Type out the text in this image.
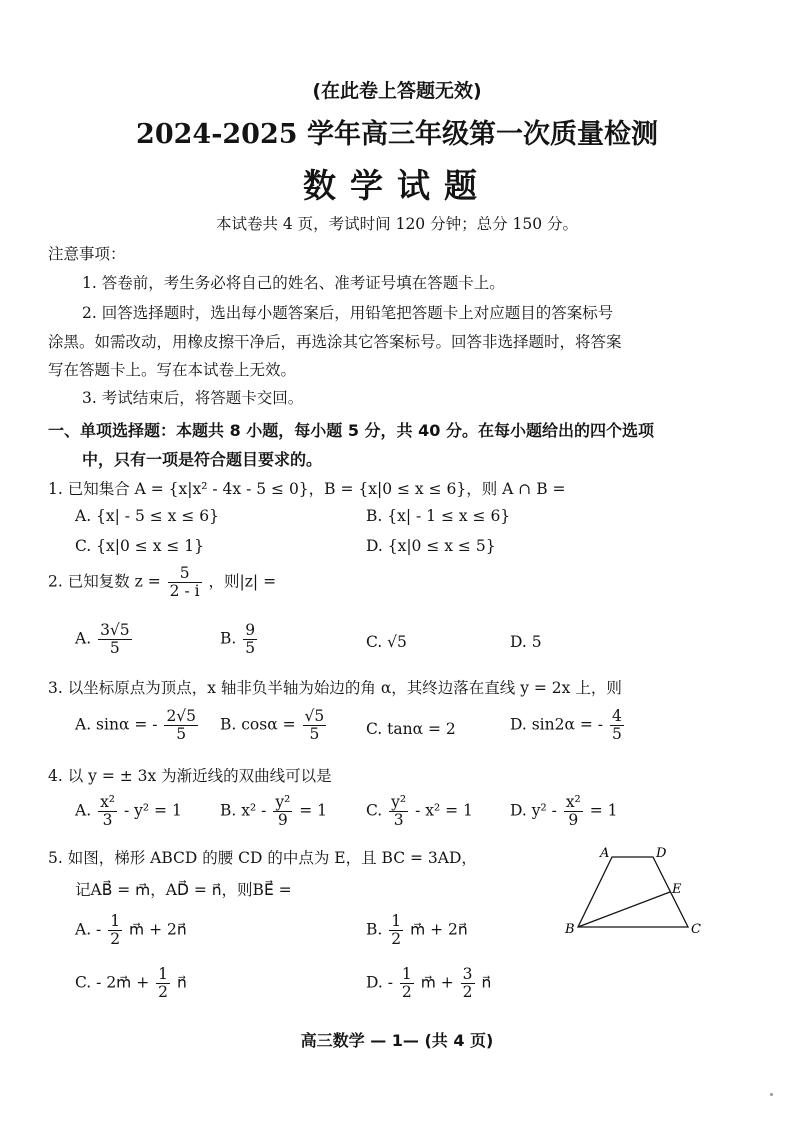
(在此卷上答题无效)
2024-2025 学年高三年级第一次质量检测
数学试题
本试卷共 4 页，考试时间 120 分钟；总分 150 分。
注意事项：
1. 答卷前，考生务必将自己的姓名、准考证号填在答题卡上。
2. 回答选择题时，选出每小题答案后，用铅笔把答题卡上对应题目的答案标号
涂黑。如需改动，用橡皮擦干净后，再选涂其它答案标号。回答非选择题时，将答案
写在答题卡上。写在本试卷上无效。
3. 考试结束后，将答题卡交回。
一、单项选择题：本题共 8 小题，每小题 5 分，共 40 分。在每小题给出的四个选项
中，只有一项是符合题目要求的。
1. 已知集合 A = {x|x² - 4x - 5 ≤ 0}，B = {x|0 ≤ x ≤ 6}，则 A ∩ B =
A. {x| - 5 ≤ x ≤ 6}	B. {x| - 1 ≤ x ≤ 6}
C. {x|0 ≤ x ≤ 1}	D. {x|0 ≤ x ≤ 5}
2. 已知复数 $z = \frac{5}{2 - i}$ ，则|z| =
A. $\frac{3√5}{5}$	B. $\frac{9}{5}$	C. √5	D. 5
3. 以坐标原点为顶点，x 轴非负半轴为始边的角 α，其终边落在直线 y = 2x 上，则
A. sinα = - $\frac{2√5}{5} B$. $\cos\alpha = \frac{√5}{5}$	C. tanα = 2	D. sin2α = - $\frac{4}{5}$
4. 以 y = ± 3x 为渐近线的双曲线可以是
A. $\frac{\text{x²}}{3} - y^2 = 1$ B. $x^2 - \frac{\text{y²}}{9} = 1$	C. $\frac{\text{y²}}{3} - x^2 = 1$ D. $y^2 - \frac{\text{x²}}{9} = 1$
5. 如图，梯形 ABCD 的腰 CD 的中点为 E，且 BC = 3AD，
记AB⃗ = m⃗，AD⃗ = n⃗，则BE⃗ =
A. - $\frac{1}{2}$ m⃗ + 2n⃗	B. $\frac{1}{2}$ m⃗ + 2n⃗
C. - 2m⃗ + $\frac{1}{2}$ n⃗	D. - $\frac{1}{2}$ m⃗ + $\frac{3}{2}$ n⃗
A	D
E
B	C
高三数学 — 1— (共 4 页)
